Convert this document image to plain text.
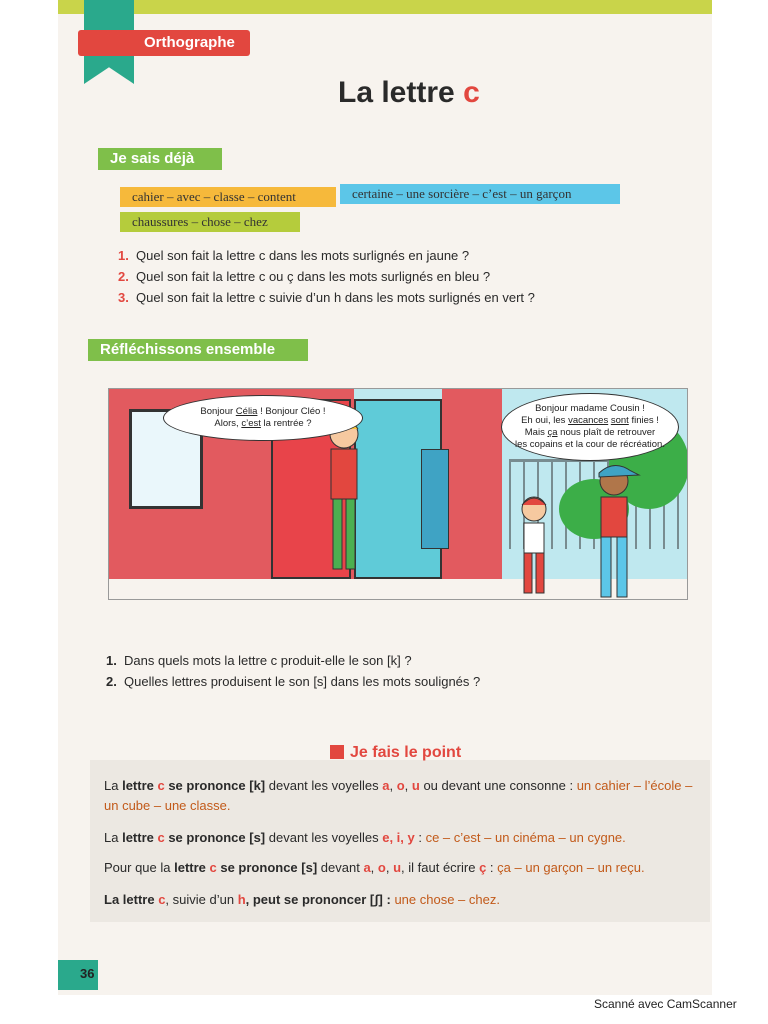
Orthographe
La lettre c
Je sais déjà
cahier – avec – classe – content	certaine – une sorcière – c’est – un garçon
chaussures – chose – chez
1. Quel son fait la lettre c dans les mots surlignés en jaune ?
2. Quel son fait la lettre c ou ç dans les mots surlignés en bleu ?
3. Quel son fait la lettre c suivie d’un h dans les mots surlignés en vert ?
Réfléchissons ensemble
Bonjour Célia ! Bonjour Cléo !
Alors, c’est la rentrée ?
Bonjour madame Cousin !
Eh oui, les vacances sont finies !
Mais ça nous plaît de retrouver
les copains et la cour de récréation.
1. Dans quels mots la lettre c produit-elle le son [k] ?
2. Quelles lettres produisent le son [s] dans les mots soulignés ?
Je fais le point
La lettre c se prononce [k] devant les voyelles a, o, u ou devant une consonne : un cahier – l’école – un cube – une classe.
La lettre c se prononce [s] devant les voyelles e, i, y : ce – c’est – un cinéma – un cygne.
Pour que la lettre c se prononce [s] devant a, o, u, il faut écrire ç : ça – un garçon – un reçu.
La lettre c, suivie d’un h, peut se prononcer [ʃ] : une chose – chez.
36
Scanné avec CamScanner
